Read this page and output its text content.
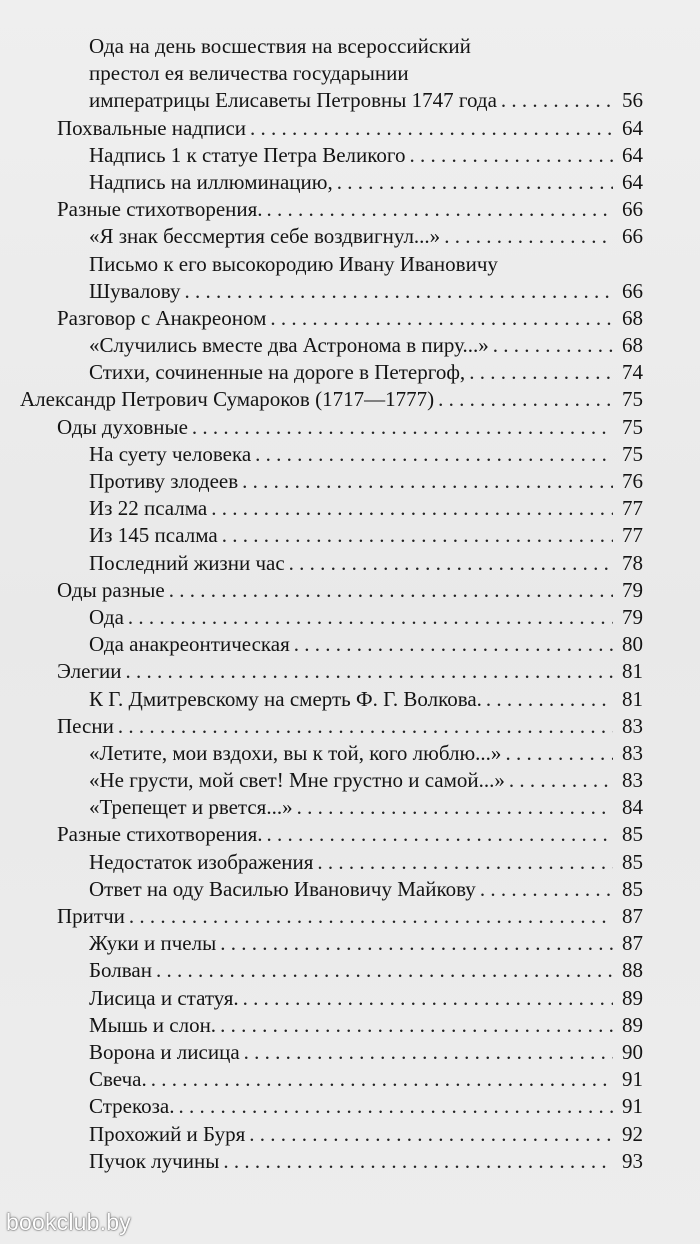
Ода на день восшествия на всероссийский
престол ея величества государынии
императрицы Елисаветы Петровны 1747 года . . .	56
Похвальные надписи . . .	64
Надпись 1 к статуе Петра Великого . . .	64
Надпись на иллюминацию, . . .	64
Разные стихотворения. . . .	66
«Я знак бессмертия себе воздвигнул...» . . .	66
Письмо к его высокородию Ивану Ивановичу
Шувалову . . .	66
Разговор с Анакреоном . . .	68
«Случились вместе два Астронома в пиру...» . . .	68
Стихи, сочиненные на дороге в Петергоф, . . .	74
Александр Петрович Сумароков (1717—1777) . . .	75
Оды духовные . . .	75
На суету человека . . .	75
Противу злодеев . . .	76
Из 22 псалма . . .	77
Из 145 псалма . . .	77
Последний жизни час . . .	78
Оды разные . . .	79
Ода . . .	79
Ода анакреонтическая . . .	80
Элегии . . .	81
К Г. Дмитревскому на смерть Ф. Г. Волкова. . . .	81
Песни . . .	83
«Летите, мои вздохи, вы к той, кого люблю...» . . .	83
«Не грусти, мой свет! Мне грустно и самой...» . . .	83
«Трепещет и рвется...» . . .	84
Разные стихотворения. . . .	85
Недостаток изображения . . .	85
Ответ на оду Василью Ивановичу Майкову . . .	85
Притчи . . .	87
Жуки и пчелы . . .	87
Болван . . .	88
Лисица и статуя. . . .	89
Мышь и слон. . . .	89
Ворона и лисица . . .	90
Свеча. . . .	91
Стрекоза. . . .	91
Прохожий и Буря . . .	92
Пучок лучины . . .	93
bookclub.by
